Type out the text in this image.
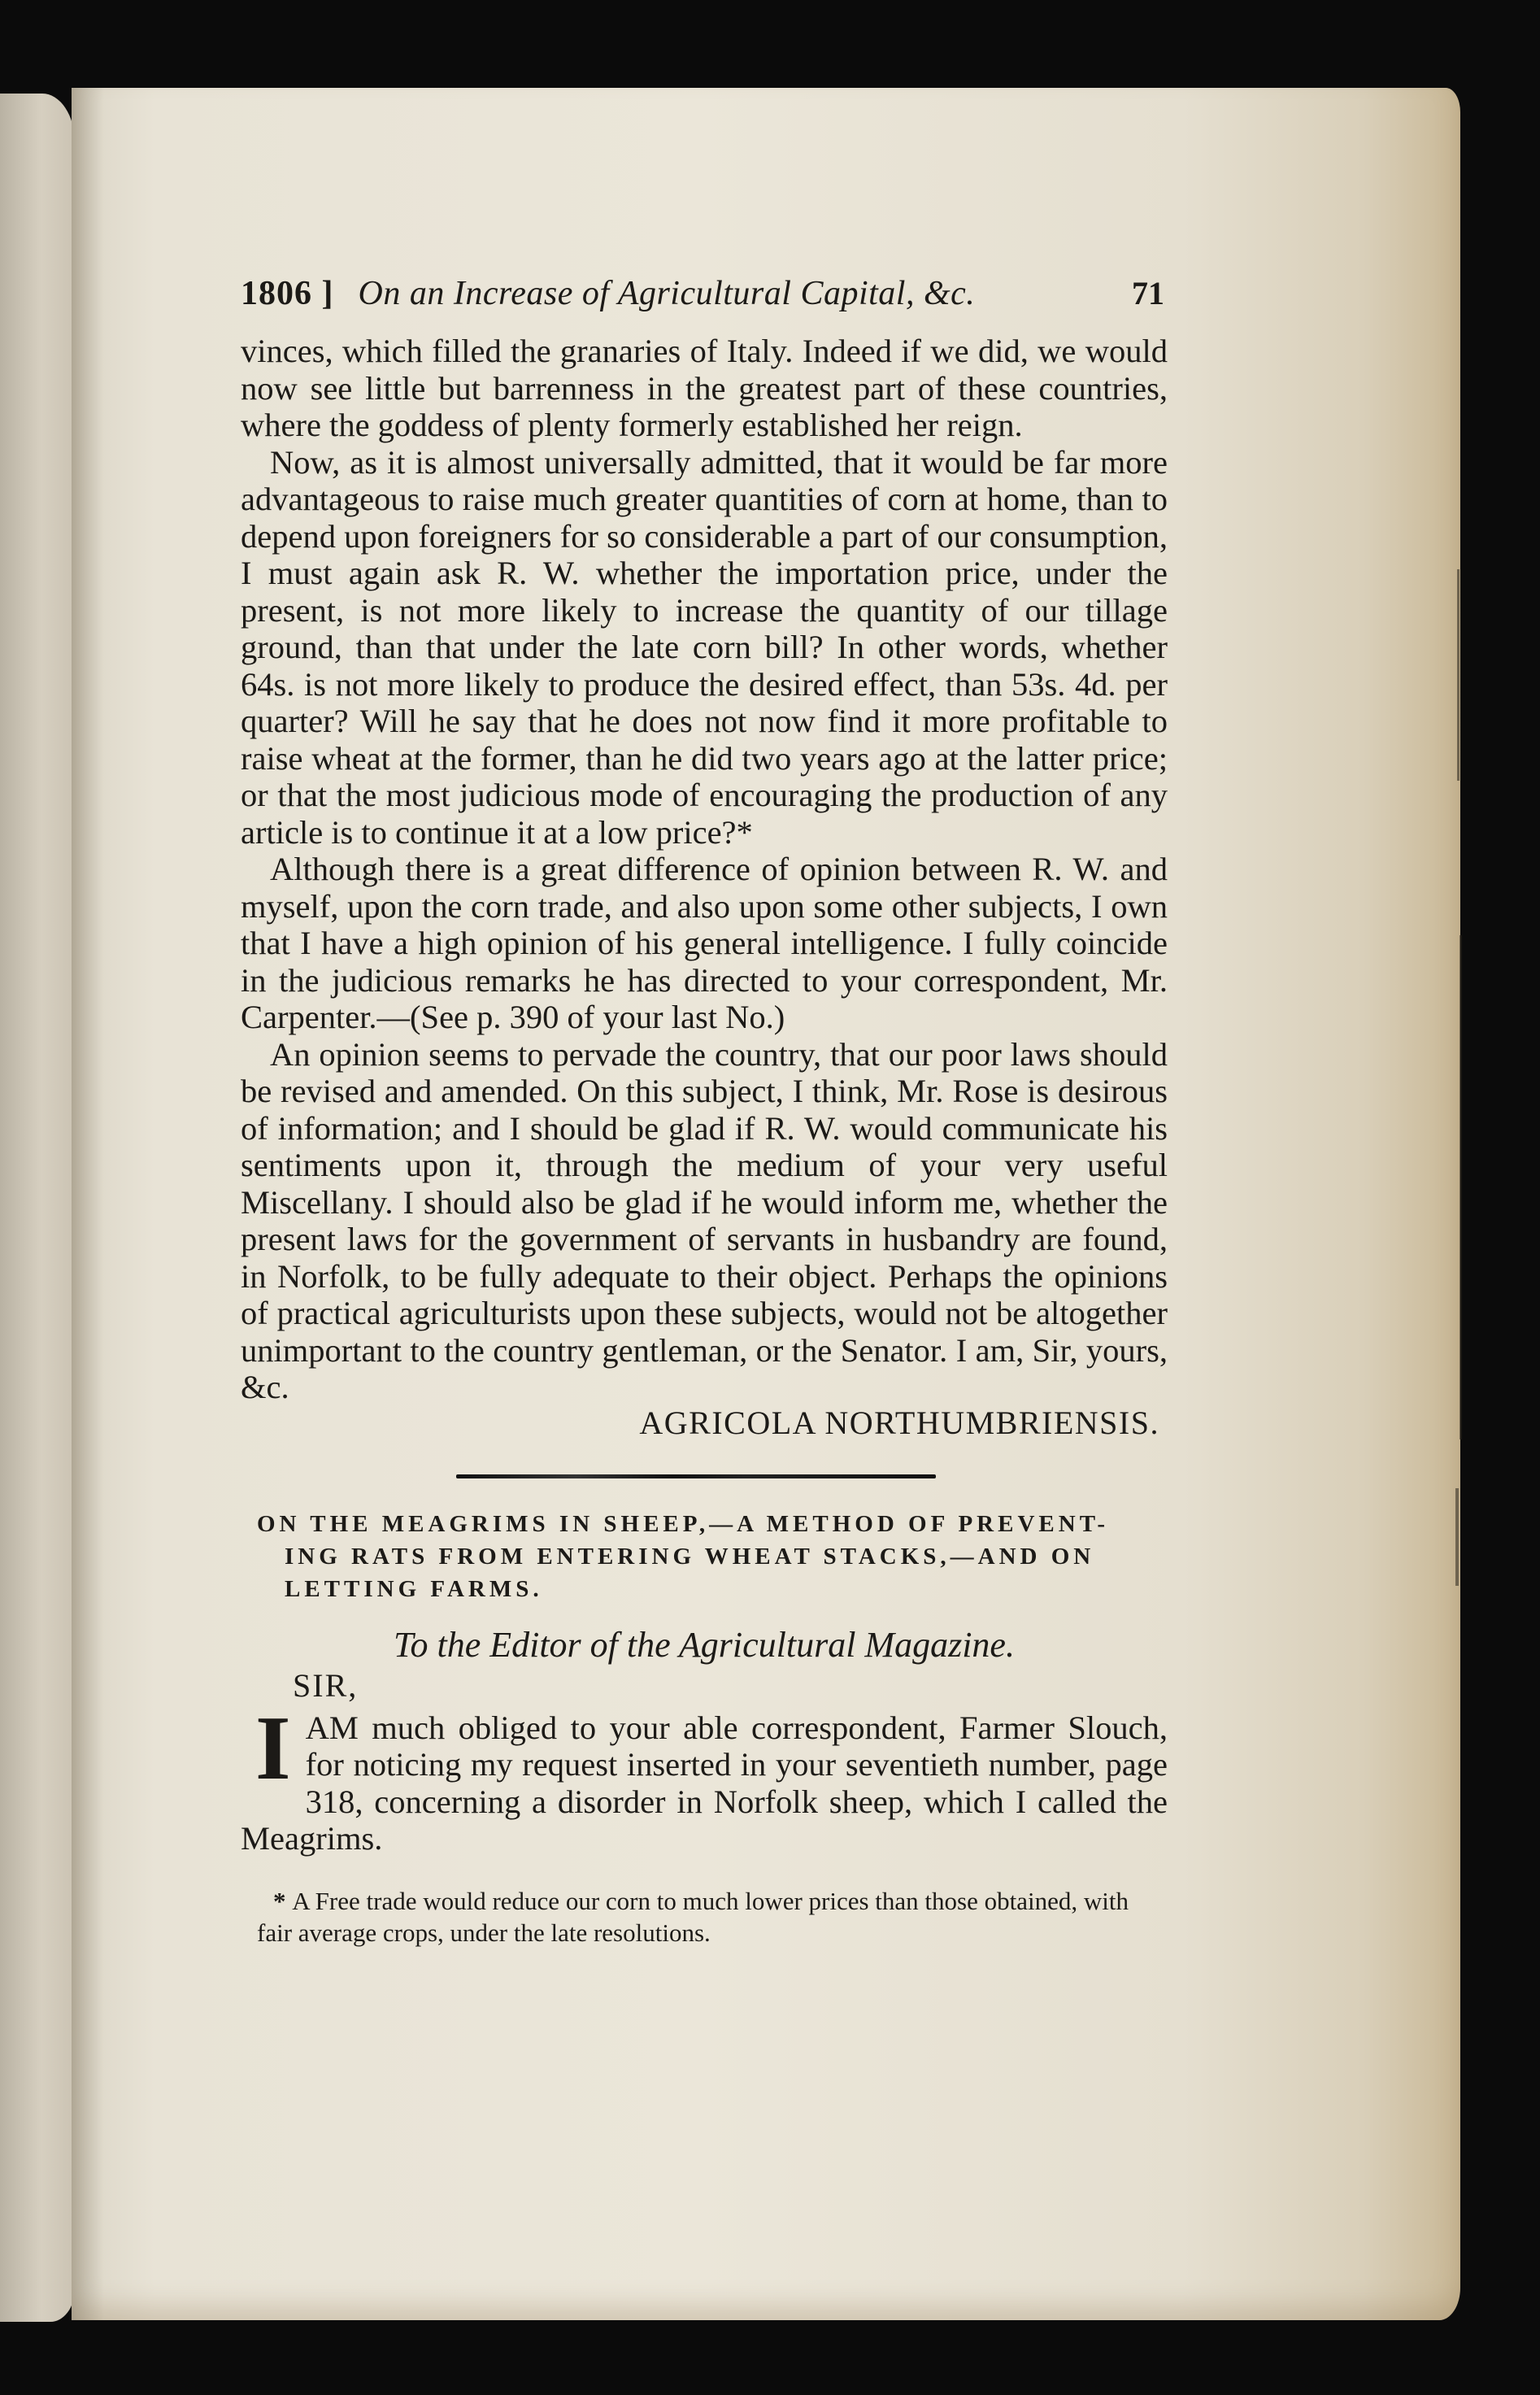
1806 ] On an Increase of Agricultural Capital, &c.	71

vinces, which filled the granaries of Italy. Indeed if we did, we would now see little but barrenness in the greatest part of these countries, where the goddess of plenty formerly established her reign.

Now, as it is almost universally admitted, that it would be far more advantageous to raise much greater quantities of corn at home, than to depend upon foreigners for so considerable a part of our consumption, I must again ask R. W. whether the importation price, under the present, is not more likely to increase the quantity of our tillage ground, than that under the late corn bill? In other words, whether 64s. is not more likely to produce the desired effect, than 53s. 4d. per quarter? Will he say that he does not now find it more profitable to raise wheat at the former, than he did two years ago at the latter price; or that the most judicious mode of encouraging the production of any article is to continue it at a low price?*

Although there is a great difference of opinion between R. W. and myself, upon the corn trade, and also upon some other subjects, I own that I have a high opinion of his general intelligence. I fully coincide in the judicious remarks he has directed to your correspondent, Mr. Carpenter.—(See p. 390 of your last No.)

An opinion seems to pervade the country, that our poor laws should be revised and amended. On this subject, I think, Mr. Rose is desirous of information; and I should be glad if R. W. would communicate his sentiments upon it, through the medium of your very useful Miscellany. I should also be glad if he would inform me, whether the present laws for the government of servants in husbandry are found, in Norfolk, to be fully adequate to their object. Perhaps the opinions of practical agriculturists upon these subjects, would not be altogether unimportant to the country gentleman, or the Senator. I am, Sir, yours, &c.

AGRICOLA NORTHUMBRIENSIS.
ON THE MEAGRIMS IN SHEEP,—A METHOD OF PREVENT-
ING RATS FROM ENTERING WHEAT STACKS,—AND ON
LETTING FARMS.
To the Editor of the Agricultural Magazine.
SIR,

IAM much obliged to your able correspondent, Farmer Slouch, for noticing my request inserted in your seventieth number, page 318, concerning a disorder in Norfolk sheep, which I called the Meagrims.

* A Free trade would reduce our corn to much lower prices than those obtained, with fair average crops, under the late resolutions.
